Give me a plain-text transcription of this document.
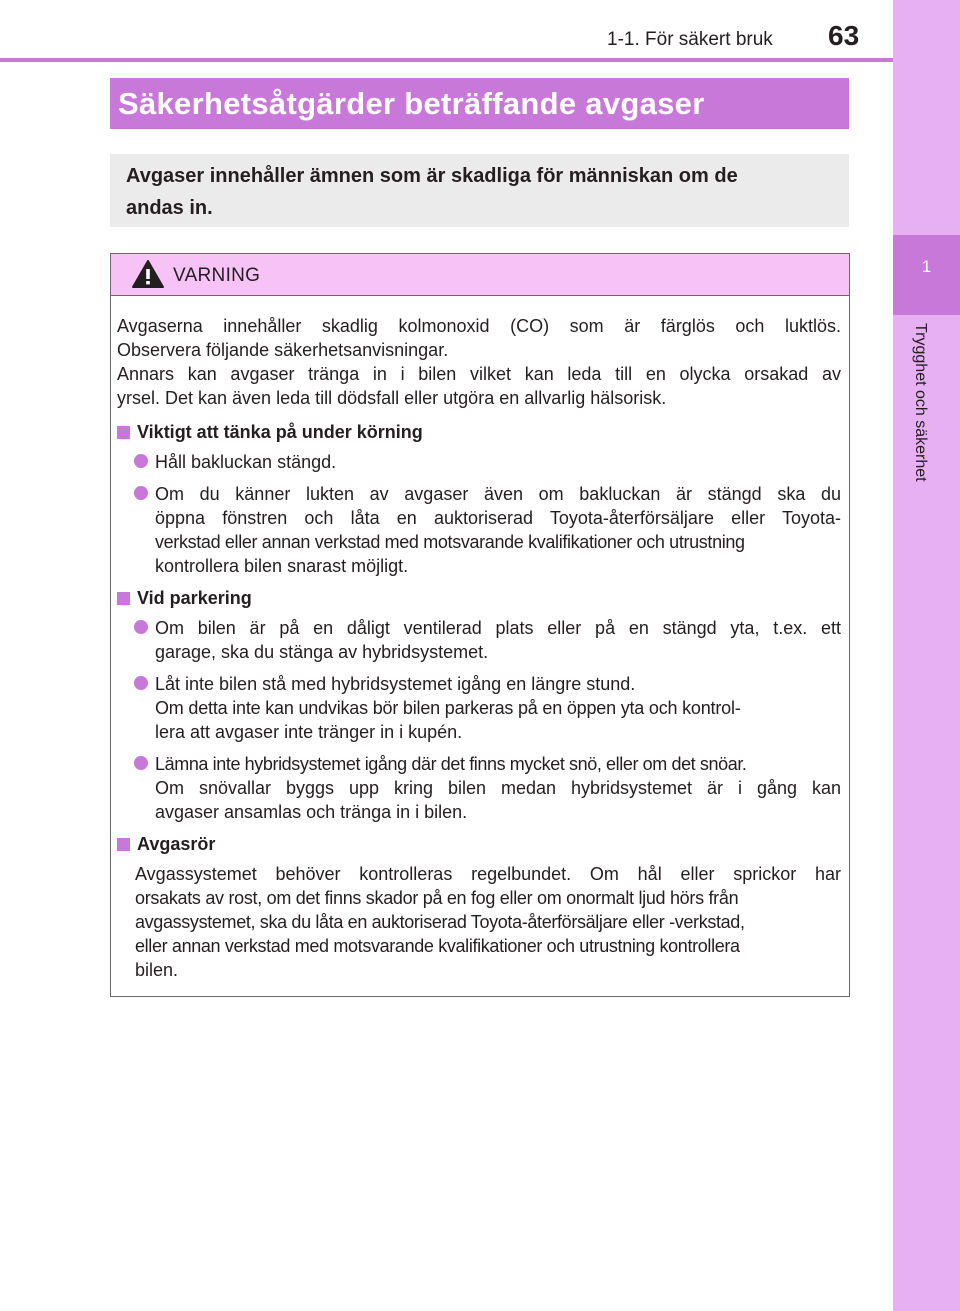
1-1. För säkert bruk 63
1
Trygghet och säkerhet
Säkerhetsåtgärder beträffande avgaser
Avgaser innehåller ämnen som är skadliga för människan om de
andas in.
VARNING
Avgaserna innehåller skadlig kolmonoxid (CO) som är färglös och luktlös.
Observera följande säkerhetsanvisningar.
Annars kan avgaser tränga in i bilen vilket kan leda till en olycka orsakad av
yrsel. Det kan även leda till dödsfall eller utgöra en allvarlig hälsorisk.
Viktigt att tänka på under körning
Håll bakluckan stängd.
Om du känner lukten av avgaser även om bakluckan är stängd ska du
öppna fönstren och låta en auktoriserad Toyota-återförsäljare eller Toyota-
verkstad eller annan verkstad med motsvarande kvalifikationer och utrustning
kontrollera bilen snarast möjligt.
Vid parkering
Om bilen är på en dåligt ventilerad plats eller på en stängd yta, t.ex. ett
garage, ska du stänga av hybridsystemet.
Låt inte bilen stå med hybridsystemet igång en längre stund.
Om detta inte kan undvikas bör bilen parkeras på en öppen yta och kontrol-
lera att avgaser inte tränger in i kupén.
Lämna inte hybridsystemet igång där det finns mycket snö, eller om det snöar.
Om snövallar byggs upp kring bilen medan hybridsystemet är i gång kan
avgaser ansamlas och tränga in i bilen.
Avgasrör
Avgassystemet behöver kontrolleras regelbundet. Om hål eller sprickor har
orsakats av rost, om det finns skador på en fog eller om onormalt ljud hörs från
avgassystemet, ska du låta en auktoriserad Toyota-återförsäljare eller -verkstad,
eller annan verkstad med motsvarande kvalifikationer och utrustning kontrollera
bilen.
